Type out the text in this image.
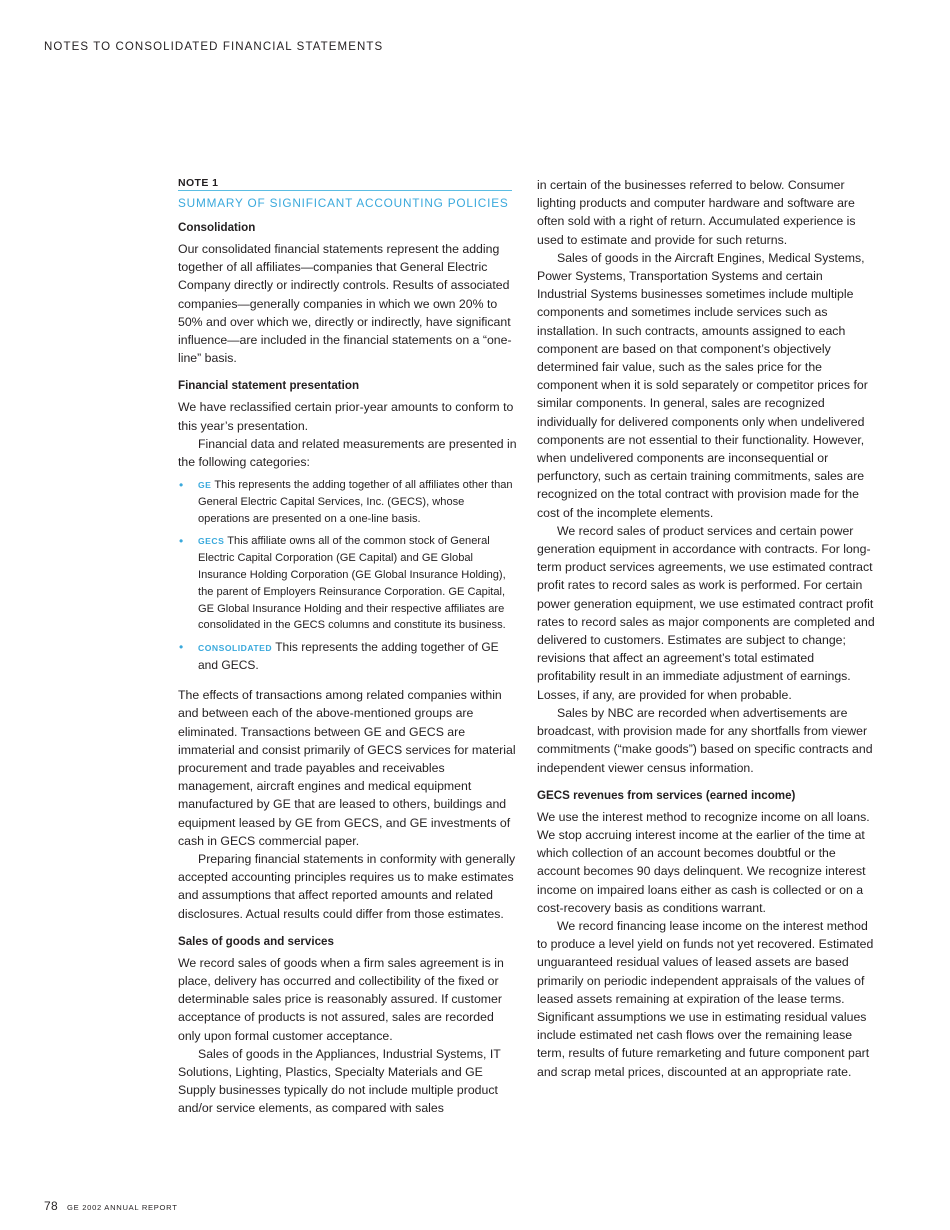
NOTES TO CONSOLIDATED FINANCIAL STATEMENTS
NOTE 1
SUMMARY OF SIGNIFICANT ACCOUNTING POLICIES
Consolidation

Our consolidated financial statements represent the adding together of all affiliates—companies that General Electric Company directly or indirectly controls. Results of associated companies—generally companies in which we own 20% to 50% and over which we, directly or indirectly, have significant influence—are included in the financial statements on a “one-line” basis.

Financial statement presentation

We have reclassified certain prior-year amounts to conform to this year’s presentation.

Financial data and related measurements are presented in the following categories:

• GE This represents the adding together of all affiliates other than General Electric Capital Services, Inc. (GECS), whose operations are presented on a one-line basis.
• GECS This affiliate owns all of the common stock of General Electric Capital Corporation (GE Capital) and GE Global Insurance Holding Corporation (GE Global Insurance Holding), the parent of Employers Reinsurance Corporation. GE Capital, GE Global Insurance Holding and their respective affiliates are consolidated in the GECS columns and constitute its business.
• CONSOLIDATED This represents the adding together of GE and GECS.

The effects of transactions among related companies within and between each of the above-mentioned groups are eliminated. Transactions between GE and GECS are immaterial and consist primarily of GECS services for material procurement and trade payables and receivables management, aircraft engines and medical equipment manufactured by GE that are leased to others, buildings and equipment leased by GE from GECS, and GE investments of cash in GECS commercial paper.

Preparing financial statements in conformity with generally accepted accounting principles requires us to make estimates and assumptions that affect reported amounts and related disclosures. Actual results could differ from those estimates.

Sales of goods and services

We record sales of goods when a firm sales agreement is in place, delivery has occurred and collectibility of the fixed or determinable sales price is reasonably assured. If customer acceptance of products is not assured, sales are recorded only upon formal customer acceptance.

Sales of goods in the Appliances, Industrial Systems, IT Solutions, Lighting, Plastics, Specialty Materials and GE Supply businesses typically do not include multiple product and/or service elements, as compared with sales

in certain of the businesses referred to below. Consumer lighting products and computer hardware and software are often sold with a right of return. Accumulated experience is used to estimate and provide for such returns.

Sales of goods in the Aircraft Engines, Medical Systems, Power Systems, Transportation Systems and certain Industrial Systems businesses sometimes include multiple components and sometimes include services such as installation. In such contracts, amounts assigned to each component are based on that component’s objectively determined fair value, such as the sales price for the component when it is sold separately or competitor prices for similar components. In general, sales are recognized individually for delivered components only when undelivered components are not essential to their functionality. However, when undelivered components are inconsequential or perfunctory, such as certain training commitments, sales are recognized on the total contract with provision made for the cost of the incomplete elements.

We record sales of product services and certain power generation equipment in accordance with contracts. For long-term product services agreements, we use estimated contract profit rates to record sales as work is performed. For certain power generation equipment, we use estimated contract profit rates to record sales as major components are completed and delivered to customers. Estimates are subject to change; revisions that affect an agreement’s total estimated profitability result in an immediate adjustment of earnings. Losses, if any, are provided for when probable.

Sales by NBC are recorded when advertisements are broadcast, with provision made for any shortfalls from viewer commitments (“make goods”) based on specific contracts and independent viewer census information.

GECS revenues from services (earned income)

We use the interest method to recognize income on all loans. We stop accruing interest income at the earlier of the time at which collection of an account becomes doubtful or the account becomes 90 days delinquent. We recognize interest income on impaired loans either as cash is collected or on a cost-recovery basis as conditions warrant.

We record financing lease income on the interest method to produce a level yield on funds not yet recovered. Estimated unguaranteed residual values of leased assets are based primarily on periodic independent appraisals of the values of leased assets remaining at expiration of the lease terms. Significant assumptions we use in estimating residual values include estimated net cash flows over the remaining lease term, results of future remarketing and future component part and scrap metal prices, discounted at an appropriate rate.

78 GE 2002 ANNUAL REPORT
